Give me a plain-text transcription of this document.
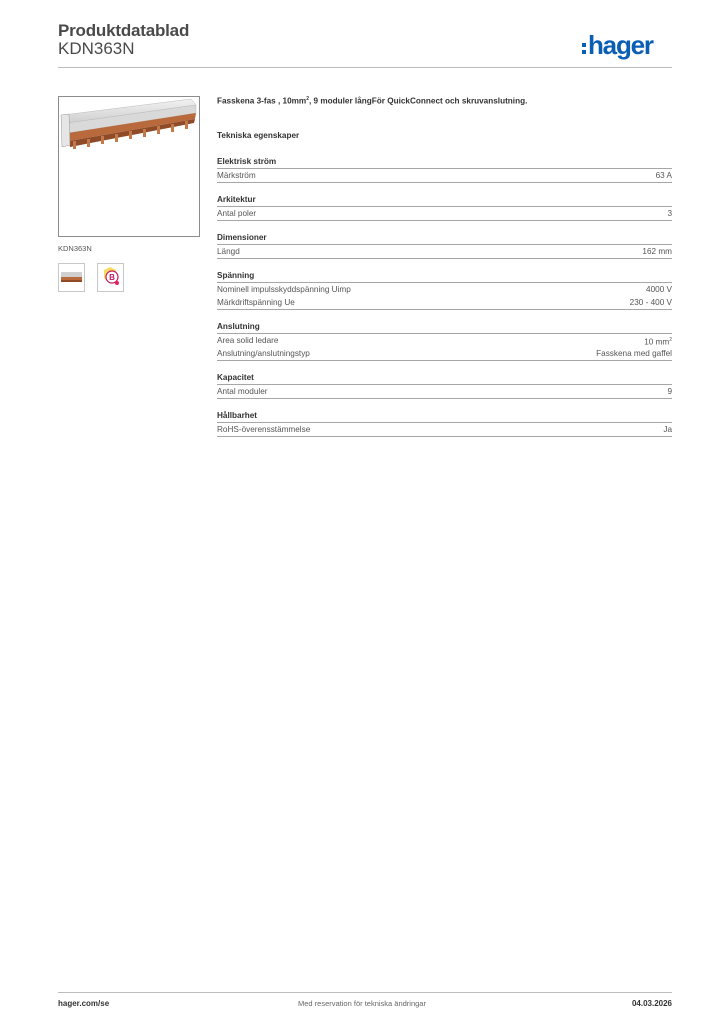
Produktdatablad
KDN363N	hager
KDN363N
B
Fasskena 3-fas , $10mm^2$, 9 moduler långFör QuickConnect och skruvanslutning.
Tekniska egenskaper
Elektrisk ström
Märkström	63 A
Arkitektur
Antal poler	3
Dimensioner
Längd	162 mm
Spänning
Nominell impulsskyddspänning Uimp	4000 V
Märkdriftspänning Ue	230 - 400 V
Anslutning
Area solid ledare	10 $mm^2$
Anslutning/anslutningstyp	Fasskena med gaffel
Kapacitet
Antal moduler	9
Hållbarhet
RoHS-överensstämmelse	Ja
hager.com/se	Med reservation för tekniska ändringar	04.03.2026
